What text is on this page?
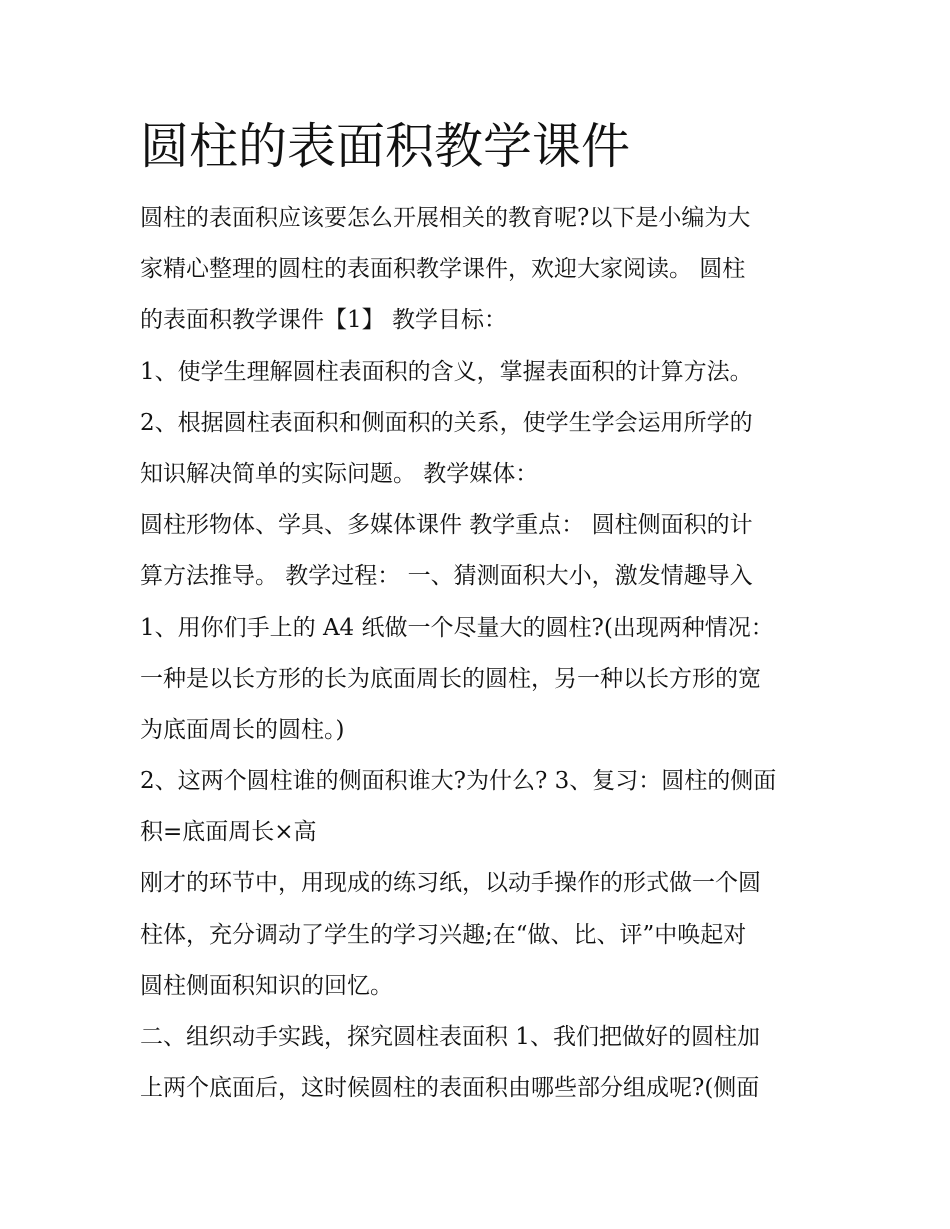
圆柱的表面积教学课件
圆柱的表面积应该要怎么开展相关的教育呢?以下是小编为大
家精心整理的圆柱的表面积教学课件，欢迎大家阅读。 圆柱
的表面积教学课件【1】 教学目标：
1、使学生理解圆柱表面积的含义，掌握表面积的计算方法。
2、根据圆柱表面积和侧面积的关系，使学生学会运用所学的
知识解决简单的实际问题。 教学媒体：
圆柱形物体、学具、多媒体课件 教学重点： 圆柱侧面积的计
算方法推导。 教学过程： 一、猜测面积大小，激发情趣导入
1、用你们手上的 A4 纸做一个尽量大的圆柱?(出现两种情况：
一种是以长方形的长为底面周长的圆柱，另一种以长方形的宽
为底面周长的圆柱。)
2、这两个圆柱谁的侧面积谁大?为什么? 3、复习：圆柱的侧面
积=底面周长×高
刚才的环节中，用现成的练习纸，以动手操作的形式做一个圆
柱体，充分调动了学生的学习兴趣;在“做、比、评”中唤起对
圆柱侧面积知识的回忆。
二、组织动手实践，探究圆柱表面积 1、我们把做好的圆柱加
上两个底面后，这时候圆柱的表面积由哪些部分组成呢?(侧面
